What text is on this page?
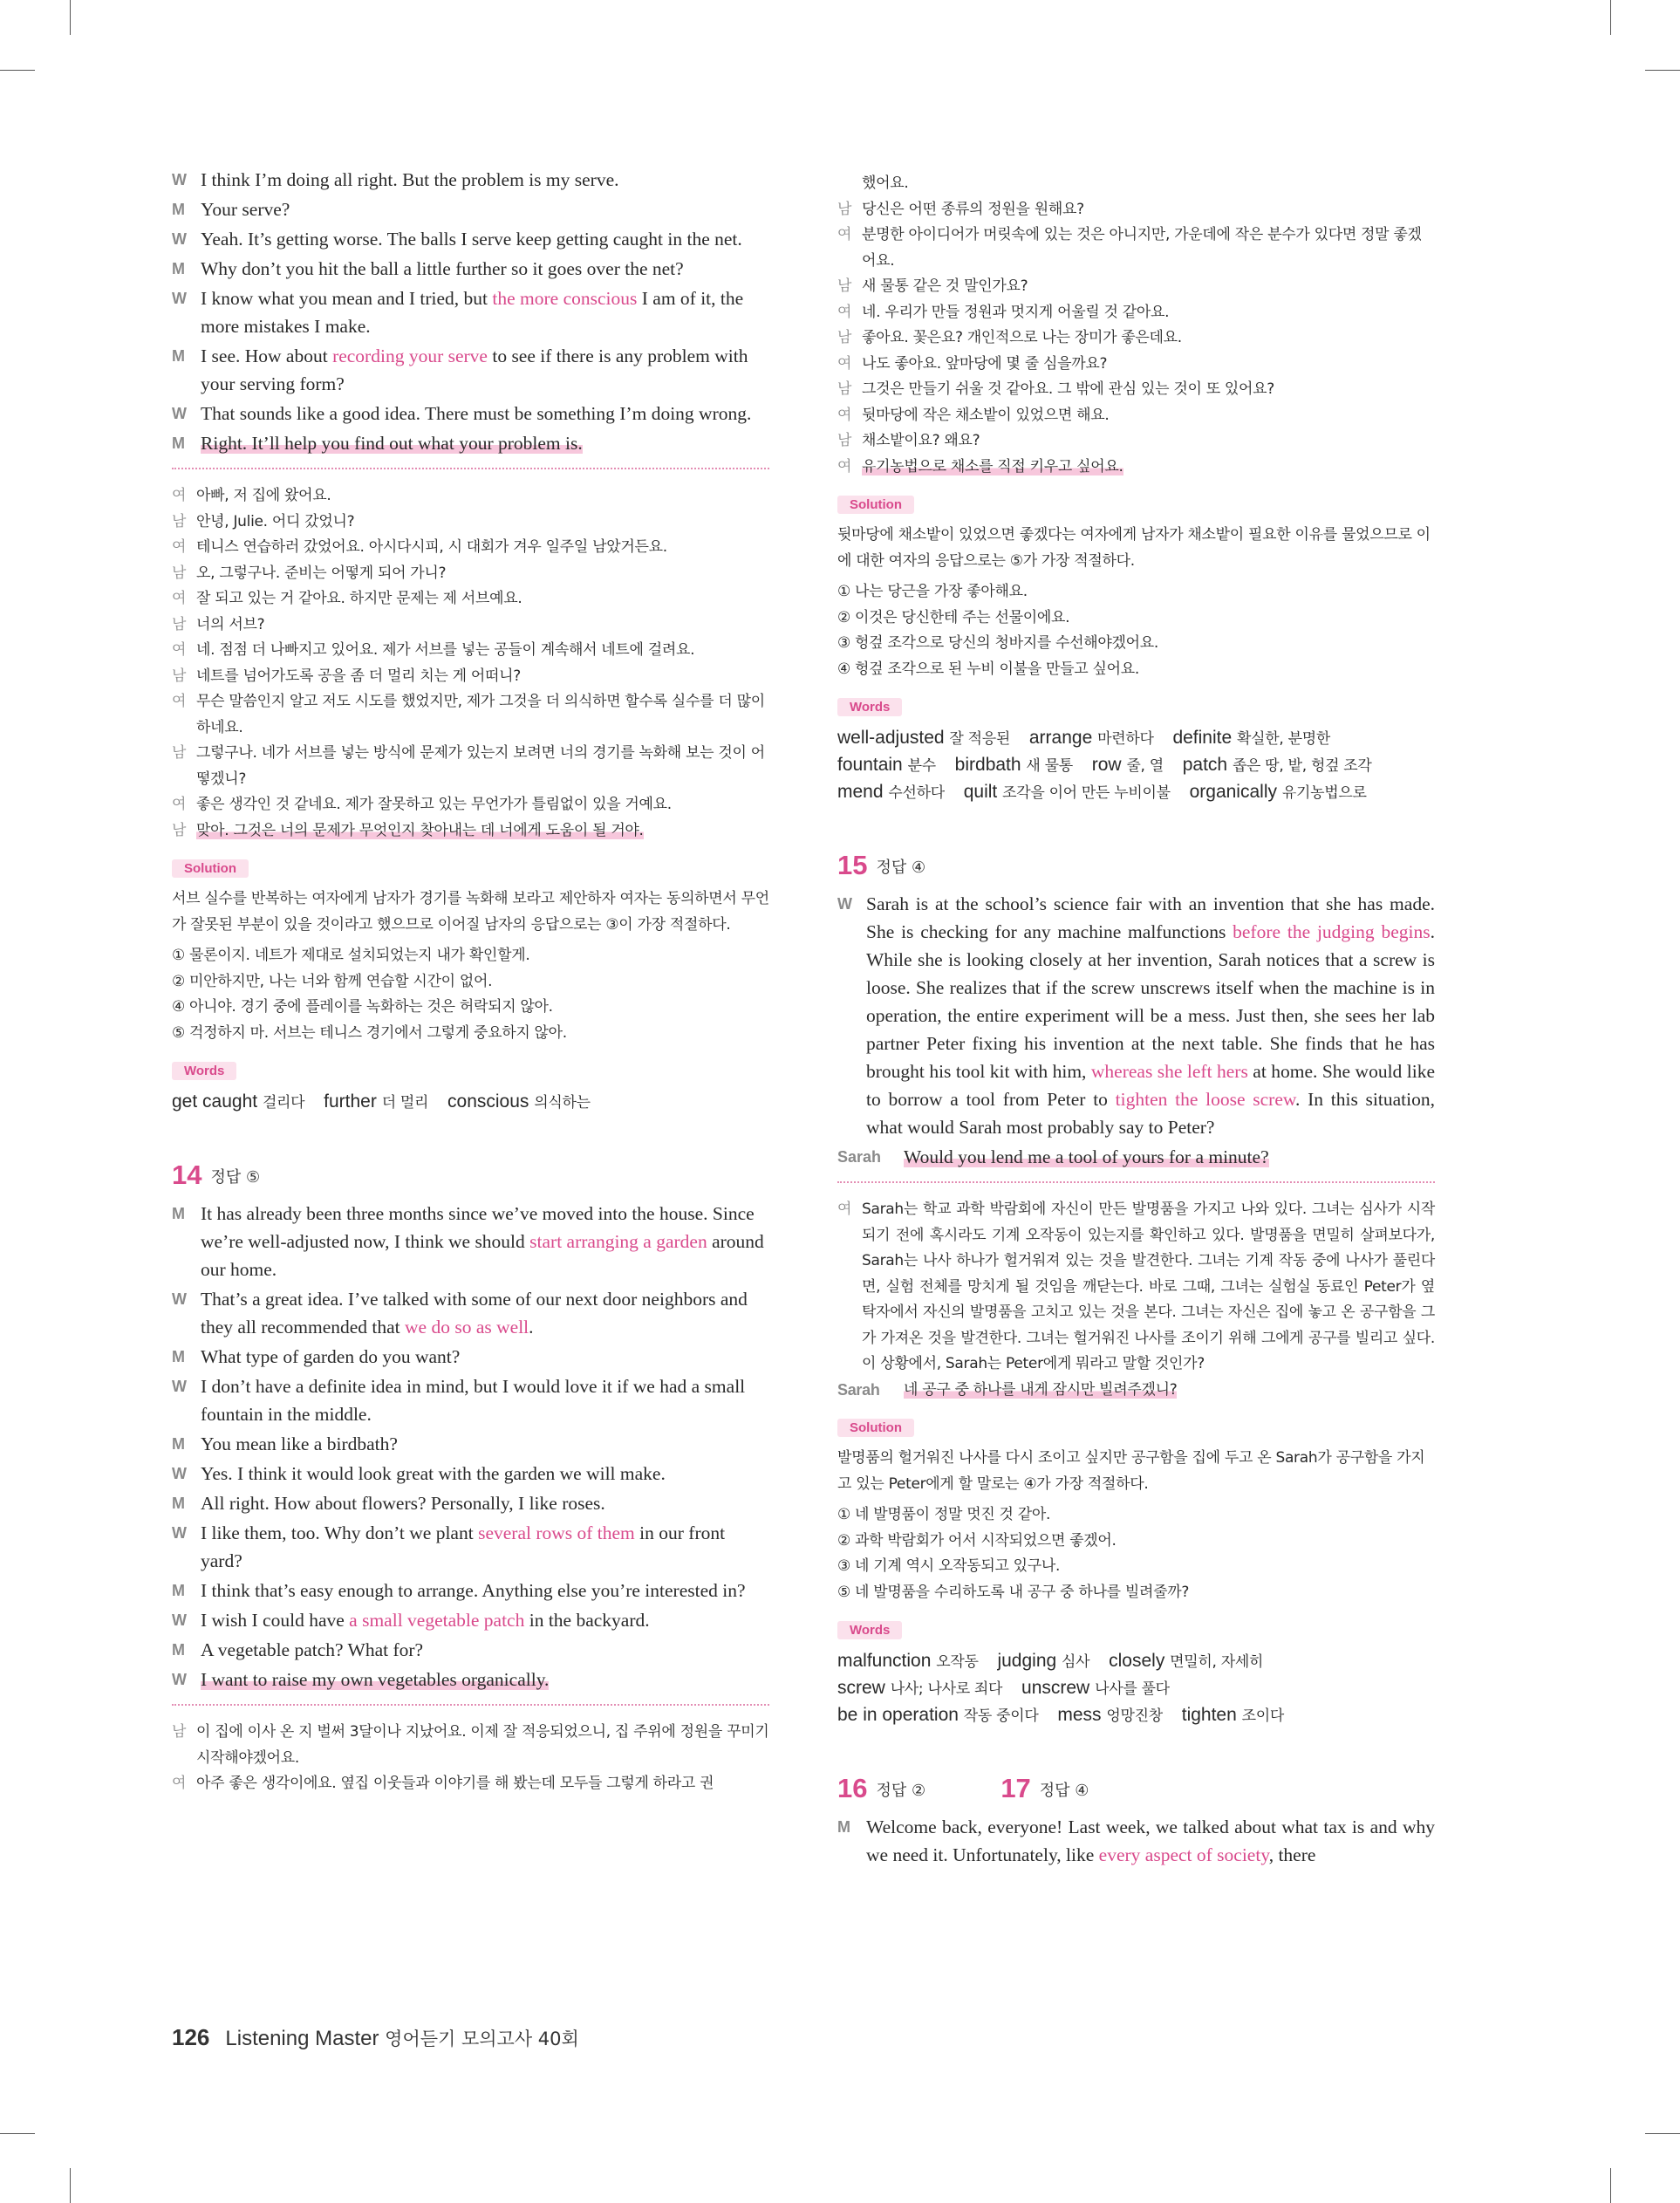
W I think I’m doing all right. But the problem is my serve.
M Your serve?
W Yeah. It’s getting worse. The balls I serve keep getting caught in the net.
M Why don’t you hit the ball a little further so it goes over the net?
W I know what you mean and I tried, but the more conscious I am of it, the more mistakes I make.
M I see. How about recording your serve to see if there is any problem with your serving form?
W That sounds like a good idea. There must be something I’m doing wrong.
M Right. It’ll help you find out what your problem is.
여 아빠, 저 집에 왔어요.
남 안녕, Julie. 어디 갔었니?
여 테니스 연습하러 갔었어요. 아시다시피, 시 대회가 겨우 일주일 남았거든요.
남 오, 그렇구나. 준비는 어떻게 되어 가니?
여 잘 되고 있는 거 같아요. 하지만 문제는 제 서브예요.
남 너의 서브?
여 네. 점점 더 나빠지고 있어요. 제가 서브를 넣는 공들이 계속해서 네트에 걸려요.
남 네트를 넘어가도록 공을 좀 더 멀리 치는 게 어떠니?
여 무슨 말씀인지 알고 저도 시도를 했었지만, 제가 그것을 더 의식하면 할수록 실수를 더 많이 하네요.
남 그렇구나. 네가 서브를 넣는 방식에 문제가 있는지 보려면 너의 경기를 녹화해 보는 것이 어떻겠니?
여 좋은 생각인 것 같네요. 제가 잘못하고 있는 무언가가 틀림없이 있을 거예요.
남 맞아. 그것은 너의 문제가 무엇인지 찾아내는 데 너에게 도움이 될 거야.
Solution

서브 실수를 반복하는 여자에게 남자가 경기를 녹화해 보라고 제안하자 여자는 동의하면서 무언가 잘못된 부분이 있을 것이라고 했으므로 이어질 남자의 응답으로는 ③이 가장 적절하다.

① 물론이지. 네트가 제대로 설치되었는지 내가 확인할게.
② 미안하지만, 나는 너와 함께 연습할 시간이 없어.
④ 아니야. 경기 중에 플레이를 녹화하는 것은 허락되지 않아.
⑤ 걱정하지 마. 서브는 테니스 경기에서 그렇게 중요하지 않아.
Words
get caught 걸리다 further 더 멀리 conscious 의식하는
14 정답 ⑤
M It has already been three months since we’ve moved into the house. Since we’re well-adjusted now, I think we should start arranging a garden around our home.
W That’s a great idea. I’ve talked with some of our next door neighbors and they all recommended that we do so as well.
M What type of garden do you want?
W I don’t have a definite idea in mind, but I would love it if we had a small fountain in the middle.
M You mean like a birdbath?
W Yes. I think it would look great with the garden we will make.
M All right. How about flowers? Personally, I like roses.
W I like them, too. Why don’t we plant several rows of them in our front yard?
M I think that’s easy enough to arrange. Anything else you’re interested in?
W I wish I could have a small vegetable patch in the backyard.
M A vegetable patch? What for?
W I want to raise my own vegetables organically.
남 이 집에 이사 온 지 벌써 3달이나 지났어요. 이제 잘 적응되었으니, 집 주위에 정원을 꾸미기 시작해야겠어요.
여 아주 좋은 생각이에요. 옆집 이웃들과 이야기를 해 봤는데 모두들 그렇게 하라고 권
했어요.
남 당신은 어떤 종류의 정원을 원해요?
여 분명한 아이디어가 머릿속에 있는 것은 아니지만, 가운데에 작은 분수가 있다면 정말 좋겠어요.
남 새 물통 같은 것 말인가요?
여 네. 우리가 만들 정원과 멋지게 어울릴 것 같아요.
남 좋아요. 꽃은요? 개인적으로 나는 장미가 좋은데요.
여 나도 좋아요. 앞마당에 몇 줄 심을까요?
남 그것은 만들기 쉬울 것 같아요. 그 밖에 관심 있는 것이 또 있어요?
여 뒷마당에 작은 채소밭이 있었으면 해요.
남 채소밭이요? 왜요?
여 유기농법으로 채소를 직접 키우고 싶어요.
Solution

뒷마당에 채소밭이 있었으면 좋겠다는 여자에게 남자가 채소밭이 필요한 이유를 물었으므로 이에 대한 여자의 응답으로는 ⑤가 가장 적절하다.

① 나는 당근을 가장 좋아해요.
② 이것은 당신한테 주는 선물이에요.
③ 헝겊 조각으로 당신의 청바지를 수선해야겠어요.
④ 헝겊 조각으로 된 누비 이불을 만들고 싶어요.
Words
well-adjusted 잘 적응된 arrange 마련하다 definite 확실한, 분명한
fountain 분수 birdbath 새 물통 row 줄, 열 patch 좁은 땅, 밭, 헝겊 조각
mend 수선하다 quilt 조각을 이어 만든 누비이불 organically 유기농법으로
15 정답 ④
W Sarah is at the school’s science fair with an invention that she has made. She is checking for any machine malfunctions before the judging begins. While she is looking closely at her invention, Sarah notices that a screw is loose. She realizes that if the screw unscrews itself when the machine is in operation, the entire experiment will be a mess. Just then, she sees her lab partner Peter fixing his invention at the next table. She finds that he has brought his tool kit with him, whereas she left hers at home. She would like to borrow a tool from Peter to tighten the loose screw. In this situation, what would Sarah most probably say to Peter?
Sarah Would you lend me a tool of yours for a minute?
여 Sarah는 학교 과학 박람회에 자신이 만든 발명품을 가지고 나와 있다. 그녀는 심사가 시작되기 전에 혹시라도 기계 오작동이 있는지를 확인하고 있다. 발명품을 면밀히 살펴보다가, Sarah는 나사 하나가 헐거워져 있는 것을 발견한다. 그녀는 기계 작동 중에 나사가 풀린다면, 실험 전체를 망치게 될 것임을 깨닫는다. 바로 그때, 그녀는 실험실 동료인 Peter가 옆 탁자에서 자신의 발명품을 고치고 있는 것을 본다. 그녀는 자신은 집에 놓고 온 공구함을 그가 가져온 것을 발견한다. 그녀는 헐거워진 나사를 조이기 위해 그에게 공구를 빌리고 싶다. 이 상황에서, Sarah는 Peter에게 뭐라고 말할 것인가?
Sarah 네 공구 중 하나를 내게 잠시만 빌려주겠니?
Solution

발명품의 헐거워진 나사를 다시 조이고 싶지만 공구함을 집에 두고 온 Sarah가 공구함을 가지고 있는 Peter에게 할 말로는 ④가 가장 적절하다.

① 네 발명품이 정말 멋진 것 같아.
② 과학 박람회가 어서 시작되었으면 좋겠어.
③ 네 기계 역시 오작동되고 있구나.
⑤ 네 발명품을 수리하도록 내 공구 중 하나를 빌려줄까?
Words
malfunction 오작동 judging 심사 closely 면밀히, 자세히
screw 나사; 나사로 죄다 unscrew 나사를 풀다
be in operation 작동 중이다 mess 엉망진창 tighten 조이다
16 정답 ②	17 정답 ④
M Welcome back, everyone! Last week, we talked about what tax is and why we need it. Unfortunately, like every aspect of society, there
126 Listening Master 영어듣기 모의고사 40회
